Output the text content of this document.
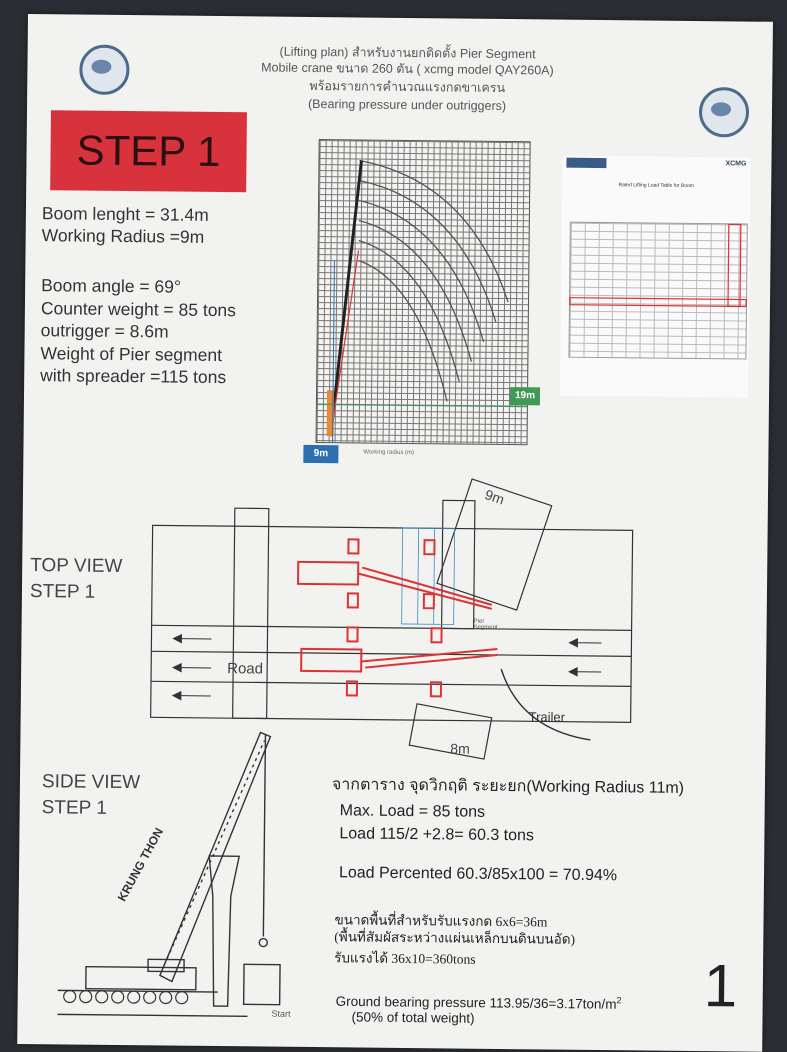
(Lifting plan) สำหรับงานยกติดตั้ง Pier Segment
Mobile crane ขนาด 260 ตัน ( xcmg model QAY260A)
พร้อมรายการคำนวณแรงกดขาเครน
(Bearing pressure under outriggers)
STEP 1
Boom lenght = 31.4m
Working Radius =9m
Boom angle = 69°
Counter weight = 85 tons
outrigger = 8.6m
Weight of Pier segment
with spreader =115 tons
9m
19m
Working radius (m)
XCMG
Rated Lifting Load Table for Boom

TOP VIEW
STEP 1
9m
8m
Road
Trailer
Pier Segment
SIDE VIEW
STEP 1
KRUNG THON
Start
จากตาราง จุดวิกฤติ ระยะยก(Working Radius 11m)
Max. Load = 85 tons
Load 115/2 +2.8= 60.3 tons
Load Percented 60.3/85x100 = 70.94%
ขนาดพื้นที่สำหรับรับแรงกด 6x6=36m
(พื้นที่สัมผัสระหว่างแผ่นเหล็กบนดินบนอัด)
รับแรงได้ 36x10=360tons
Ground bearing pressure $113.95/36=3.17ton/m^2$
(50% of total weight)	1
